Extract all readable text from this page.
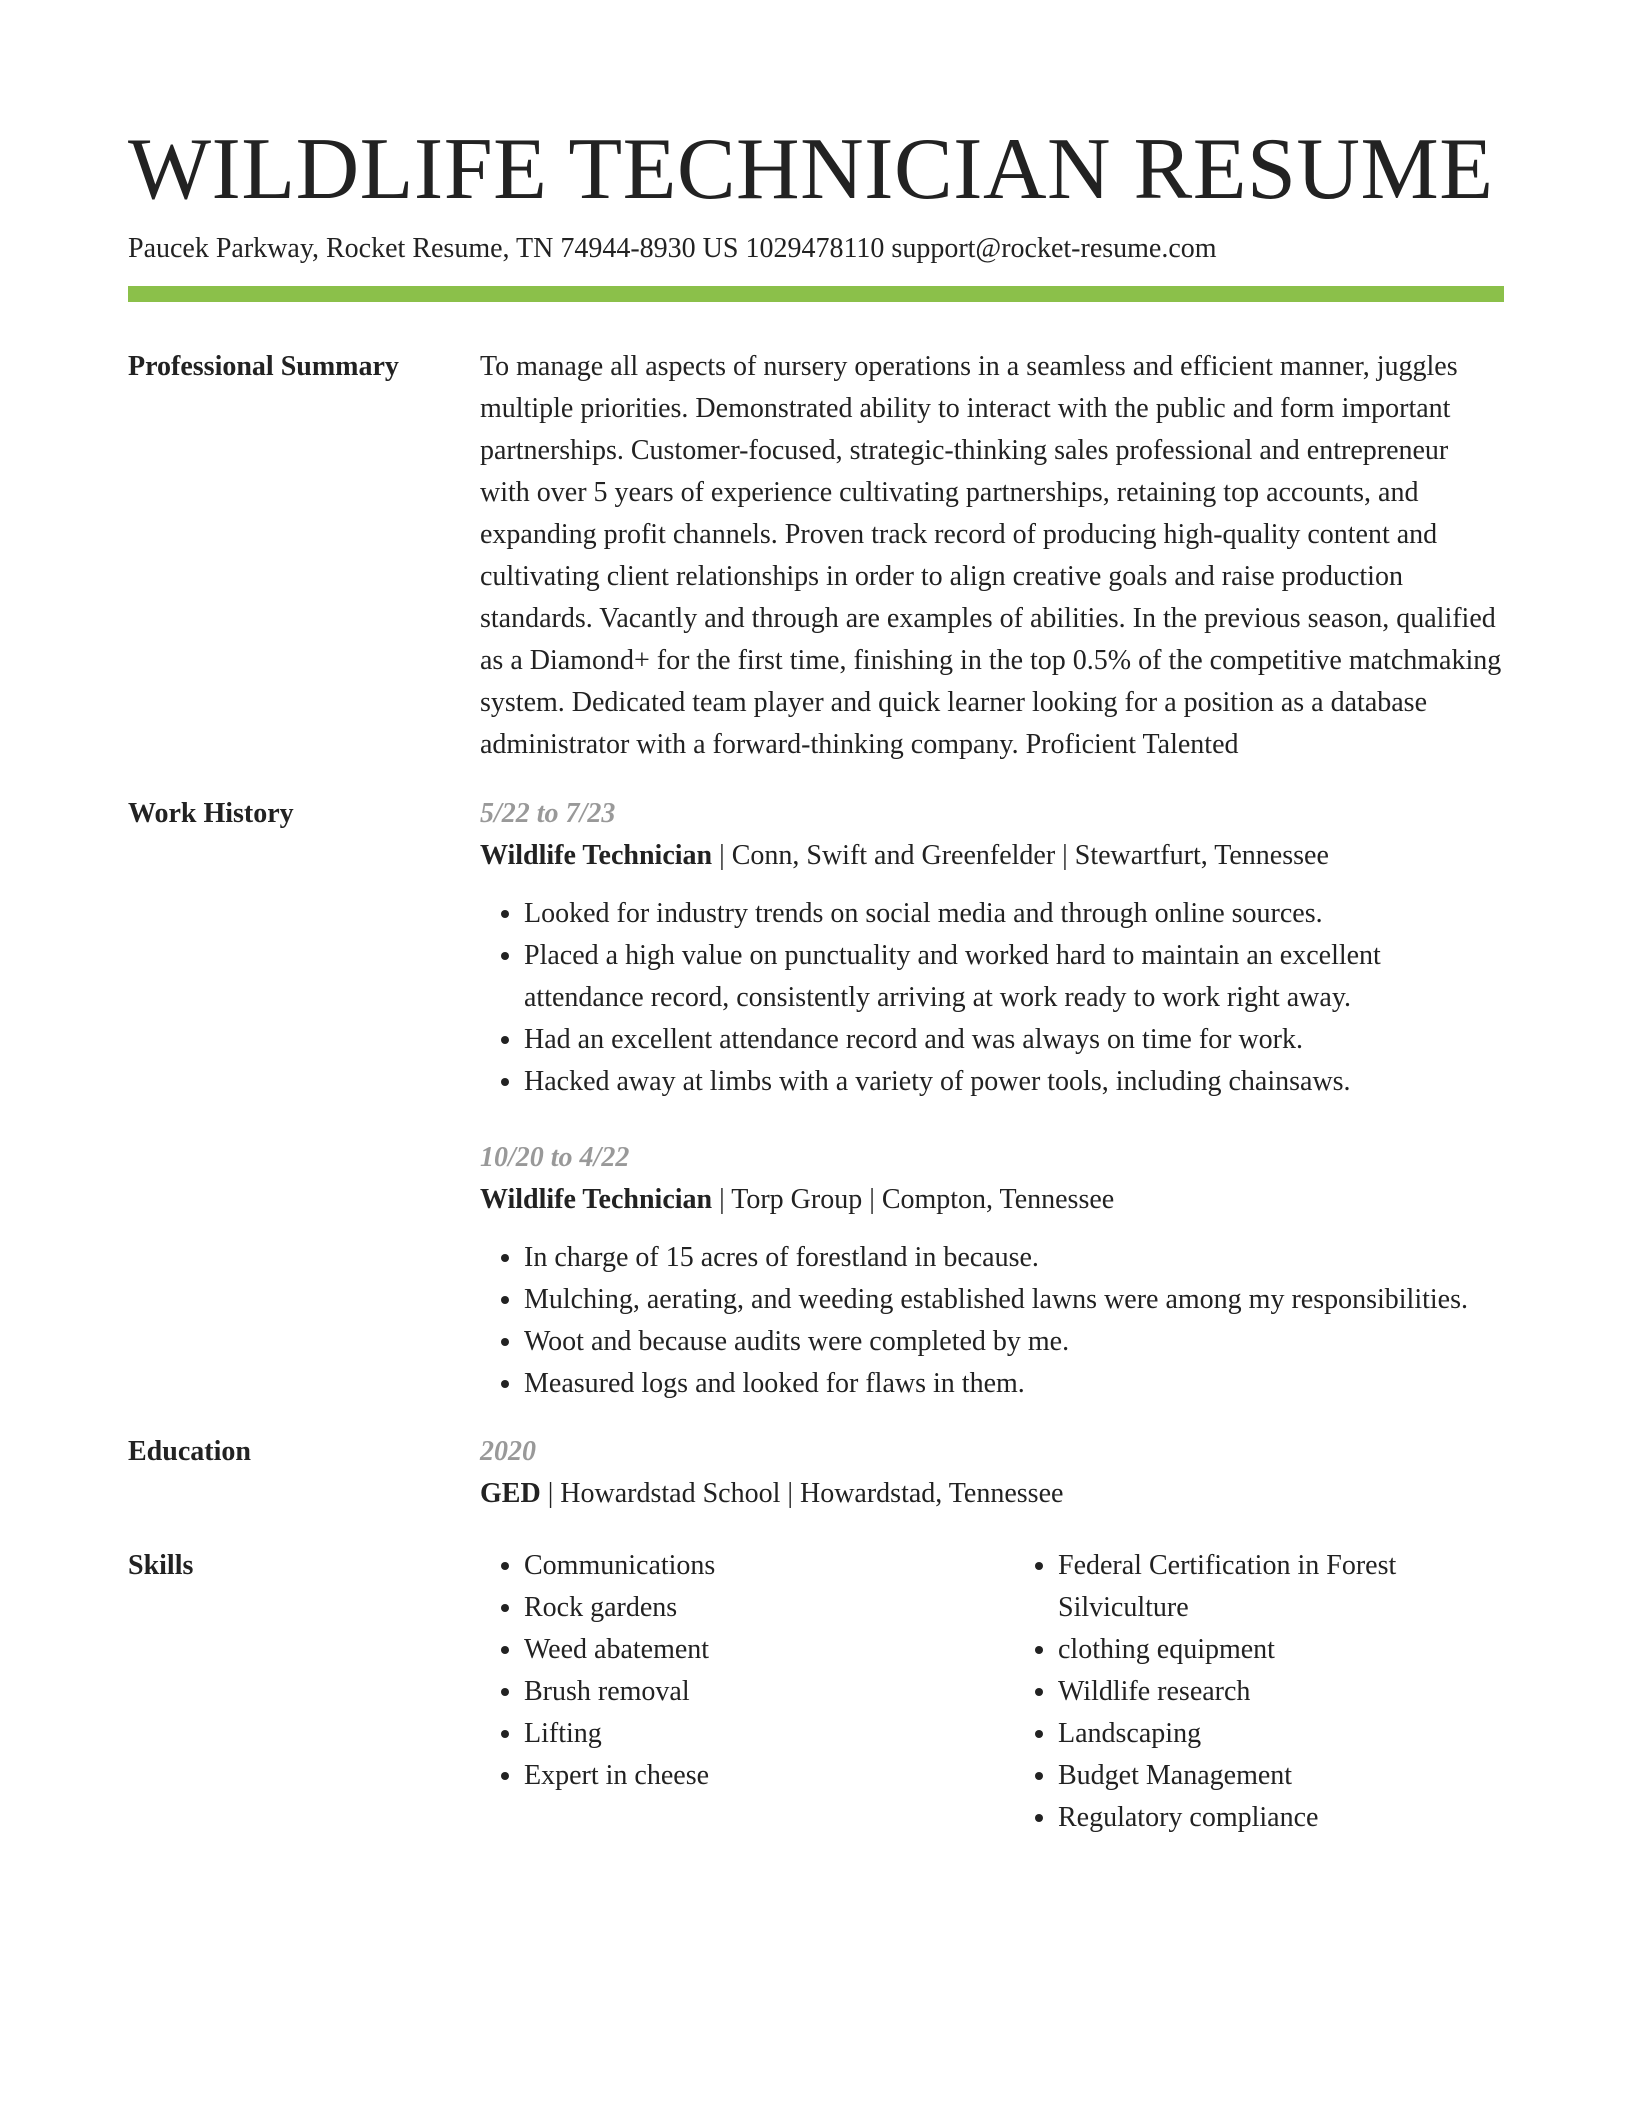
WILDLIFE TECHNICIAN RESUME
Paucek Parkway, Rocket Resume, TN 74944-8930 US 1029478110 support@rocket-resume.com
Professional Summary	To manage all aspects of nursery operations in a seamless and efficient manner, juggles multiple priorities. Demonstrated ability to interact with the public and form important partnerships. Customer-focused, strategic-thinking sales professional and entrepreneur with over 5 years of experience cultivating partnerships, retaining top accounts, and expanding profit channels. Proven track record of producing high-quality content and cultivating client relationships in order to align creative goals and raise production standards. Vacantly and through are examples of abilities. In the previous season, qualified as a Diamond+ for the first time, finishing in the top 0.5% of the competitive matchmaking system. Dedicated team player and quick learner looking for a position as a database administrator with a forward-thinking company. Proficient Talented

Work History	5/22 to 7/23
Wildlife Technician | Conn, Swift and Greenfelder | Stewartfurt, Tennessee
• Looked for industry trends on social media and through online sources.
• Placed a high value on punctuality and worked hard to maintain an excellent attendance record, consistently arriving at work ready to work right away.
• Had an excellent attendance record and was always on time for work.
• Hacked away at limbs with a variety of power tools, including chainsaws.
10/20 to 4/22
Wildlife Technician | Torp Group | Compton, Tennessee
• In charge of 15 acres of forestland in because.
• Mulching, aerating, and weeding established lawns were among my responsibilities.
• Woot and because audits were completed by me.
• Measured logs and looked for flaws in them.
Education	2020
GED | Howardstad School | Howardstad, Tennessee
Skills
•	Communications
• Rock gardens
• Weed abatement
• Brush removal
• Lifting
• Expert in cheese
• Federal Certification in Forest Silviculture
• clothing equipment
• Wildlife research
• Landscaping
• Budget Management
• Regulatory compliance
